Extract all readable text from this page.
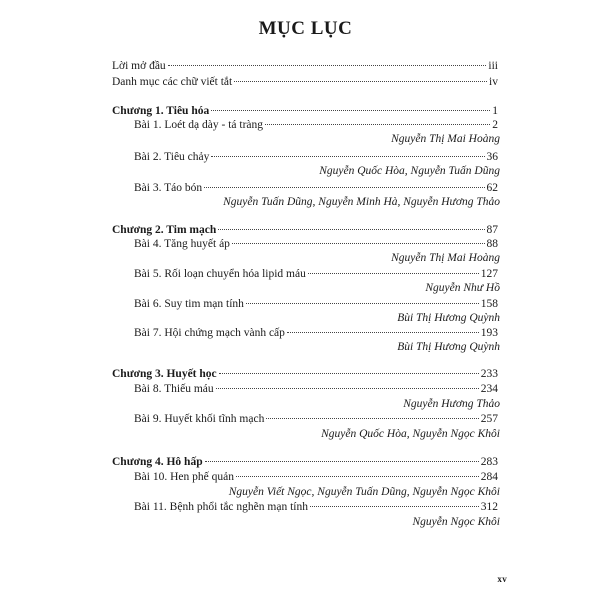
MỤC LỤC
Lời mở đầu	iii
Danh mục các chữ viết tắt	iv
Chương 1. Tiêu hóa	1
Bài 1. Loét dạ dày - tá tràng	2
Nguyễn Thị Mai Hoàng
Bài 2. Tiêu chảy	36
Nguyễn Quốc Hòa, Nguyễn Tuấn Dũng
Bài 3. Táo bón	62
Nguyễn Tuấn Dũng, Nguyễn Minh Hà, Nguyễn Hương Thảo
Chương 2. Tim mạch	87
Bài 4. Tăng huyết áp	88
Nguyễn Thị Mai Hoàng
Bài 5. Rối loạn chuyển hóa lipid máu	127
Nguyễn Như Hồ
Bài 6. Suy tim mạn tính	158
Bùi Thị Hương Quỳnh
Bài 7. Hội chứng mạch vành cấp	193
Bùi Thị Hương Quỳnh
Chương 3. Huyết học	233
Bài 8. Thiếu máu	234
Nguyễn Hương Thảo
Bài 9. Huyết khối tĩnh mạch	257
Nguyễn Quốc Hòa, Nguyễn Ngọc Khôi
Chương 4. Hô hấp	283
Bài 10. Hen phế quản	284
Nguyễn Viết Ngọc, Nguyễn Tuấn Dũng, Nguyễn Ngọc Khôi
Bài 11. Bệnh phổi tắc nghẽn mạn tính	312
Nguyễn Ngọc Khôi
xv
